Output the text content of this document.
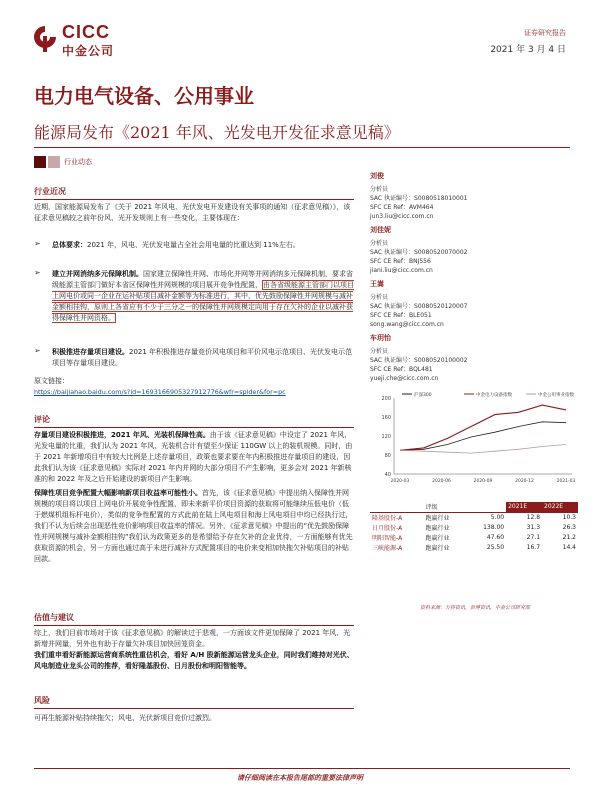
CICC
中金公司
证券研究报告
2021 年 3 月 4 日
电力电气设备、公用事业
能源局发布《2021 年风、光发电开发征求意见稿》
行业动态
行业近况
近期，国家能源局发布了《关于 2021 年风电、光伏发电开发建设有关事项的通知（征求意见稿）》，该征求意见稿较之前年份风、光开发规则上有一些变化，主要体现在：
➢ 总体要求：2021 年，风电、光伏发电量占全社会用电量的比重达到 11%左右。
➢ 建立并网消纳多元保障机制。国家建立保障性并网、市场化并网等并网消纳多元保障机制，要求省级能源主管部门做好本省区保障性并网规模的项目展开竞争性配置，由各省级能源主管部门以项目上网电价或同一企业在运补贴项目减补金额等为标准进行，其中，优先鼓励保障性并网规模与减补金额相挂钩，原则上各省应有不少于三分之一的保障性并网规模定向用于存在欠补的企业以减补获得保障性并网资格。
➢ 积极推进存量项目建设。2021 年积极推进存量竞价风电项目和平价风电示范项目、光伏发电示范项目等存量项目建设。
原文链接：
https://baijiahao.baidu.com/s?id=1693166905327912776&wfr=spider&for=pc
评论
存量项目建设积极推进，2021 年风、光装机保障性高。由于该《征求意见稿》中设定了 2021 年风、光发电量的比重，我们认为 2021 年风、光装机合计有望至少保证 110GW 以上的装机规模。同时，由于 2021 年新增项目中有较大比例是上述存量项目，政策也要求要在年内积极推进存量项目的建设，因此我们认为该《征求意见稿》实际对 2021 年内并网的大部分项目不产生影响，更多会对 2021 年新核准的和 2022 年及之后开始建设的新项目产生影响。
保障性项目竞争配置大幅影响新项目收益率可能性小。首先，该《征求意见稿》中提出纳入保障性并网规模的项目将以项目上网电价开展竞争性配置，即未来新平价项目资源的获取将可能继续压低电价（低于燃煤机组标杆电价），类似的竞争性配置的方式此前在陆上风电项目和海上风电项目中均已经执行过，我们不认为后续会出现恶性竞价影响项目收益率的情况。另外，《征求意见稿》中提出的“优先鼓励保障性并网规模与减补金额相挂钩”我们认为政策更多的是希望给予存在欠补的企业优待，一方面能够有优先获取资源的机会，另一方面也通过高于未进行减补方式配置项目的电价来变相加快拖欠补贴项目的补贴回款。
估值与建议
综上，我们目前市场对于该《征求意见稿》的解读过于悲观，一方面该文件更加保障了 2021 年风、光新增并网量，另外也有助于存量欠补项目加快回笼资金。
我们重申看好新能源运营商系统性重估机会，看好 A/H 股新能源运营龙头企业，同时我们维持对光伏、风电制造业龙头公司的推荐，看好隆基股份、日月股份和明阳智能等。
风险
可再生能源补贴持续拖欠；风电、光伏新项目竞价过激烈。
刘俊
分析员
SAC 执证编号：S0080518010001
SFC CE Ref：AVM464
jun3.liu@cicc.com.cn
刘佳妮
分析员
SAC 执证编号：S0080520070002
SFC CE Ref：BNJ556
jiani.liu@cicc.com.cn
王嵩
分析员
SAC 执证编号：S0080520120007
SFC CE Ref：BLE051
song.wang@cicc.com.cn
车玥怡
分析员
SAC 执证编号：S0080520100002
SFC CE Ref：BQL481
yueji.che@cicc.com.cn
40
80
120
160
200
2020-03	2020-06	2020-09	2020-12	2021-03
沪深300	中金电力设备指数	中金公用事业指数
	评级		2021E	2022E
隆基股份-A	跑赢行业	5.00	12.8	10.3
日月股份-A	跑赢行业	138.00	31.3	26.3
明阳智能-A	跑赢行业	47.60	27.1	21.2
三峡能源-A	跑赢行业	25.50	16.7	14.4
资料来源：万得资讯，彭博资讯，中金公司研究部
请仔细阅读在本报告尾部的重要法律声明
